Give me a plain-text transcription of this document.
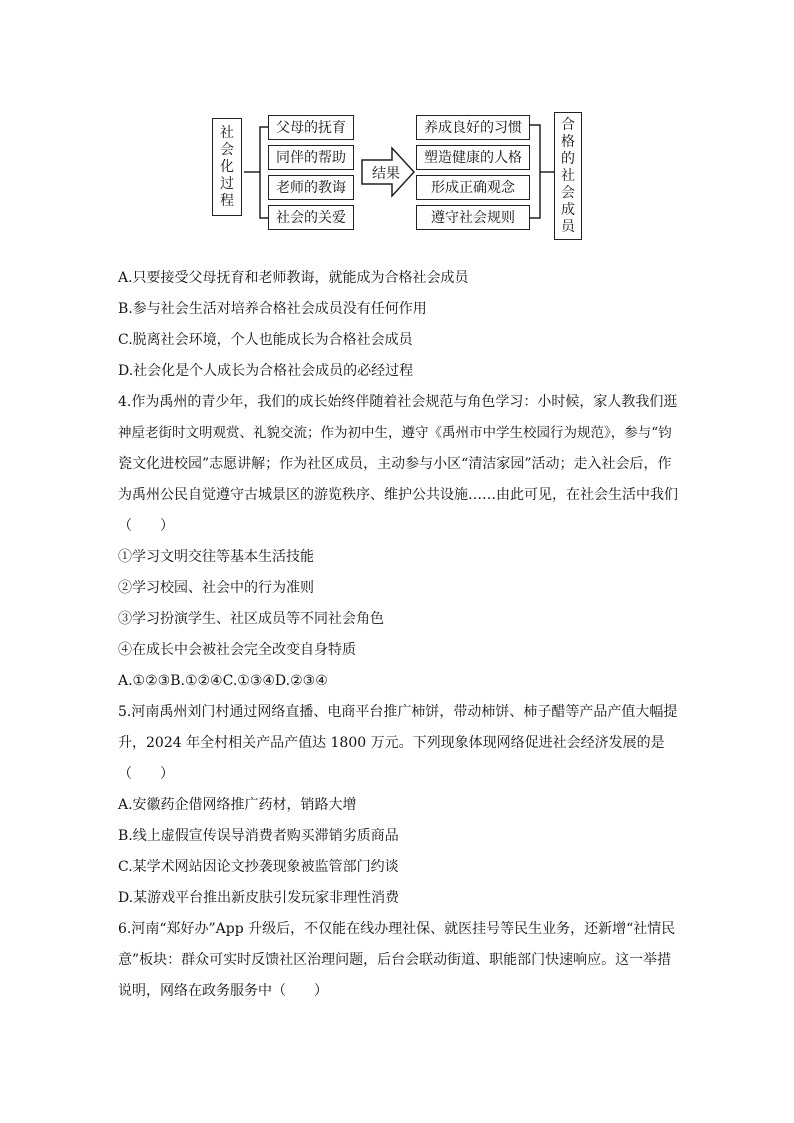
社
会
化
过
程
父母的抚育
同伴的帮助
老师的教诲
社会的关爱
结果
养成良好的习惯
塑造健康的人格
形成正确观念
遵守社会规则
合
格
的
社
会
成
员
A.只要接受父母抚育和老师教诲，就能成为合格社会成员
B.参与社会生活对培养合格社会成员没有任何作用
C.脱离社会环境，个人也能成长为合格社会成员
D.社会化是个人成长为合格社会成员的必经过程
4.作为禹州的青少年，我们的成长始终伴随着社会规范与角色学习：小时候，家人教我们逛
神垕老街时文明观赏、礼貌交流；作为初中生，遵守《禹州市中学生校园行为规范》，参与“钧
瓷文化进校园”志愿讲解；作为社区成员，主动参与小区“清洁家园”活动；走入社会后，作
为禹州公民自觉遵守古城景区的游览秩序、维护公共设施……由此可见，在社会生活中我们
（　　）
①学习文明交往等基本生活技能
②学习校园、社会中的行为准则
③学习扮演学生、社区成员等不同社会角色
④在成长中会被社会完全改变自身特质
A.①②③B.①②④C.①③④D.②③④
5.河南禹州刘门村通过网络直播、电商平台推广柿饼，带动柿饼、柿子醋等产品产值大幅提
升，2024 年全村相关产品产值达 1800 万元。下列现象体现网络促进社会经济发展的是
（　　）
A.安徽药企借网络推广药材，销路大增
B.线上虚假宣传误导消费者购买滞销劣质商品
C.某学术网站因论文抄袭现象被监管部门约谈
D.某游戏平台推出新皮肤引发玩家非理性消费
6.河南“郑好办”App 升级后，不仅能在线办理社保、就医挂号等民生业务，还新增“社情民
意”板块：群众可实时反馈社区治理问题，后台会联动街道、职能部门快速响应。这一举措
说明，网络在政务服务中（　　）
